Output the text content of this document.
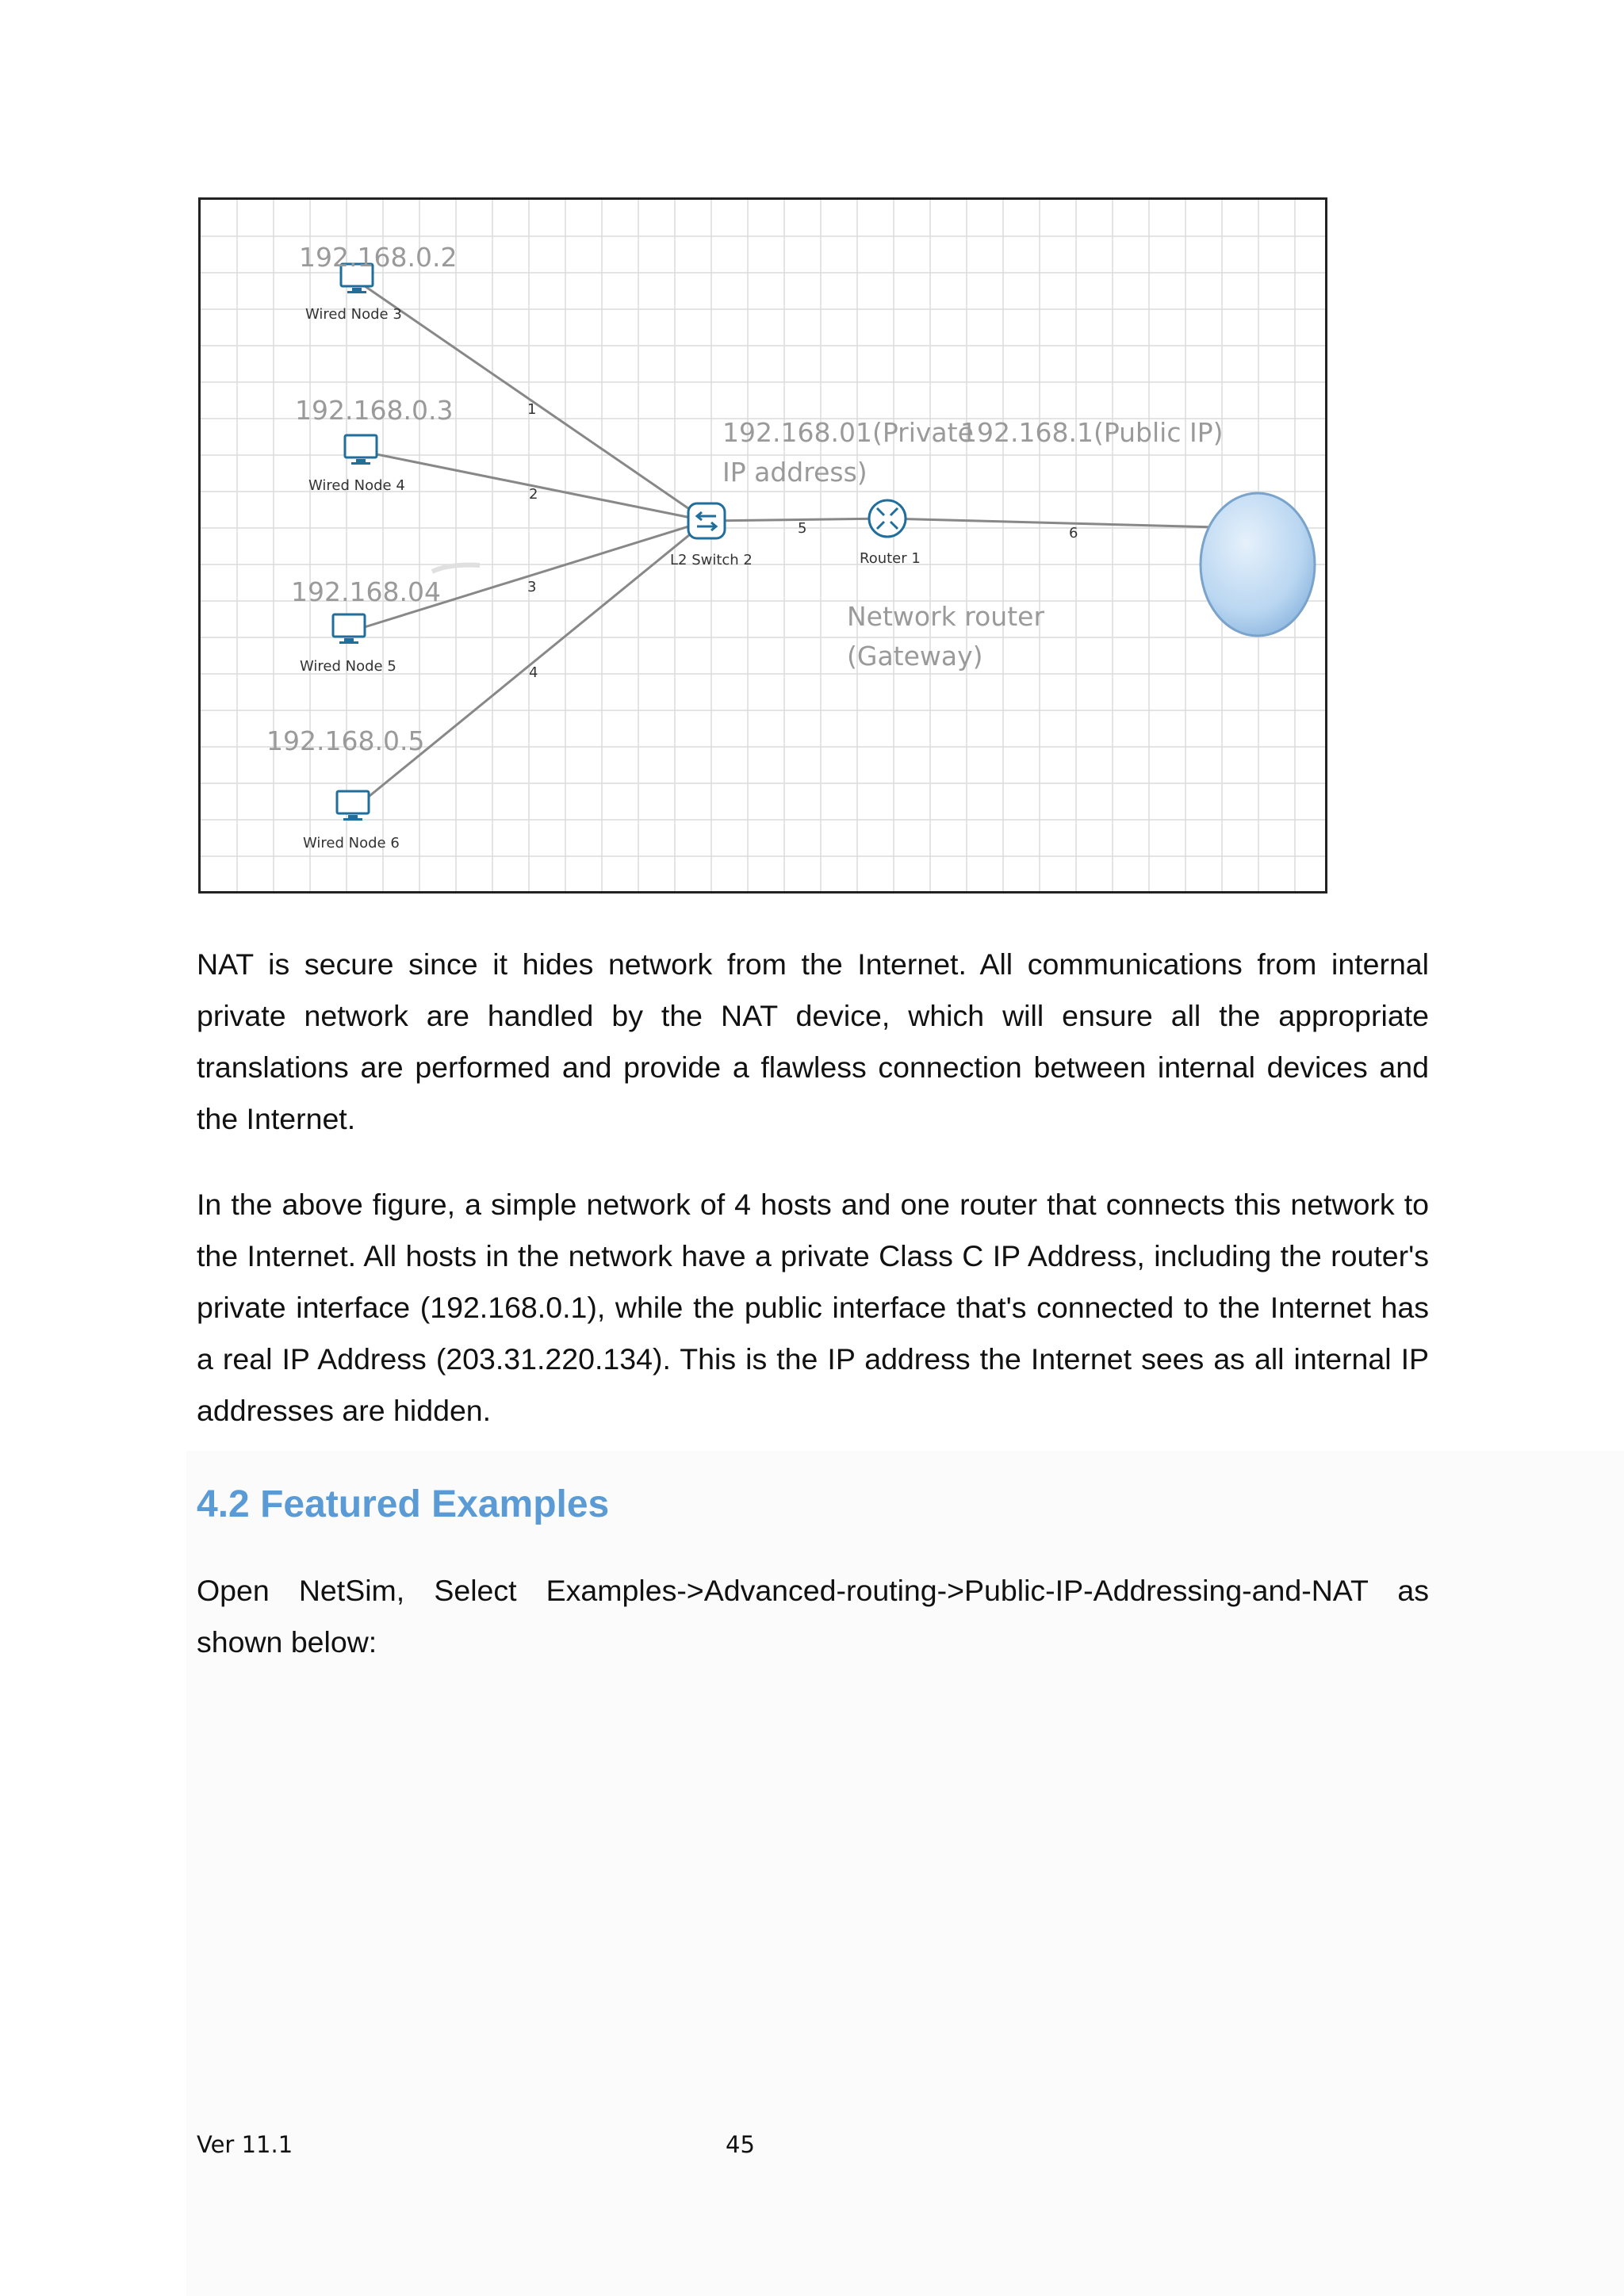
1
2
3
4
5	6
Wired Node 3
Wired Node 4
Wired Node 5
Wired Node 6
192.168.0.2
192.168.0.3
192.168.04
192.168.0.5
L2 Switch 2	Router 1
192.168.01(Private
IP address)
192.168.1(Public IP)
Network router
(Gateway)

NAT is secure since it hides network from the Internet. All communications from internal private network are handled by the NAT device, which will ensure all the appropriate translations are performed and provide a flawless connection between internal devices and the Internet.

In the above figure, a simple network of 4 hosts and one router that connects this network to the Internet. All hosts in the network have a private Class C IP Address, including the router's private interface (192.168.0.1), while the public interface that's connected to the Internet has a real IP Address (203.31.220.134). This is the IP address the Internet sees as all internal IP addresses are hidden.

4.2 Featured Examples

Open NetSim, Select Examples->Advanced-routing->Public-IP-Addressing-and-NAT as shown below:

Ver 11.1	45
